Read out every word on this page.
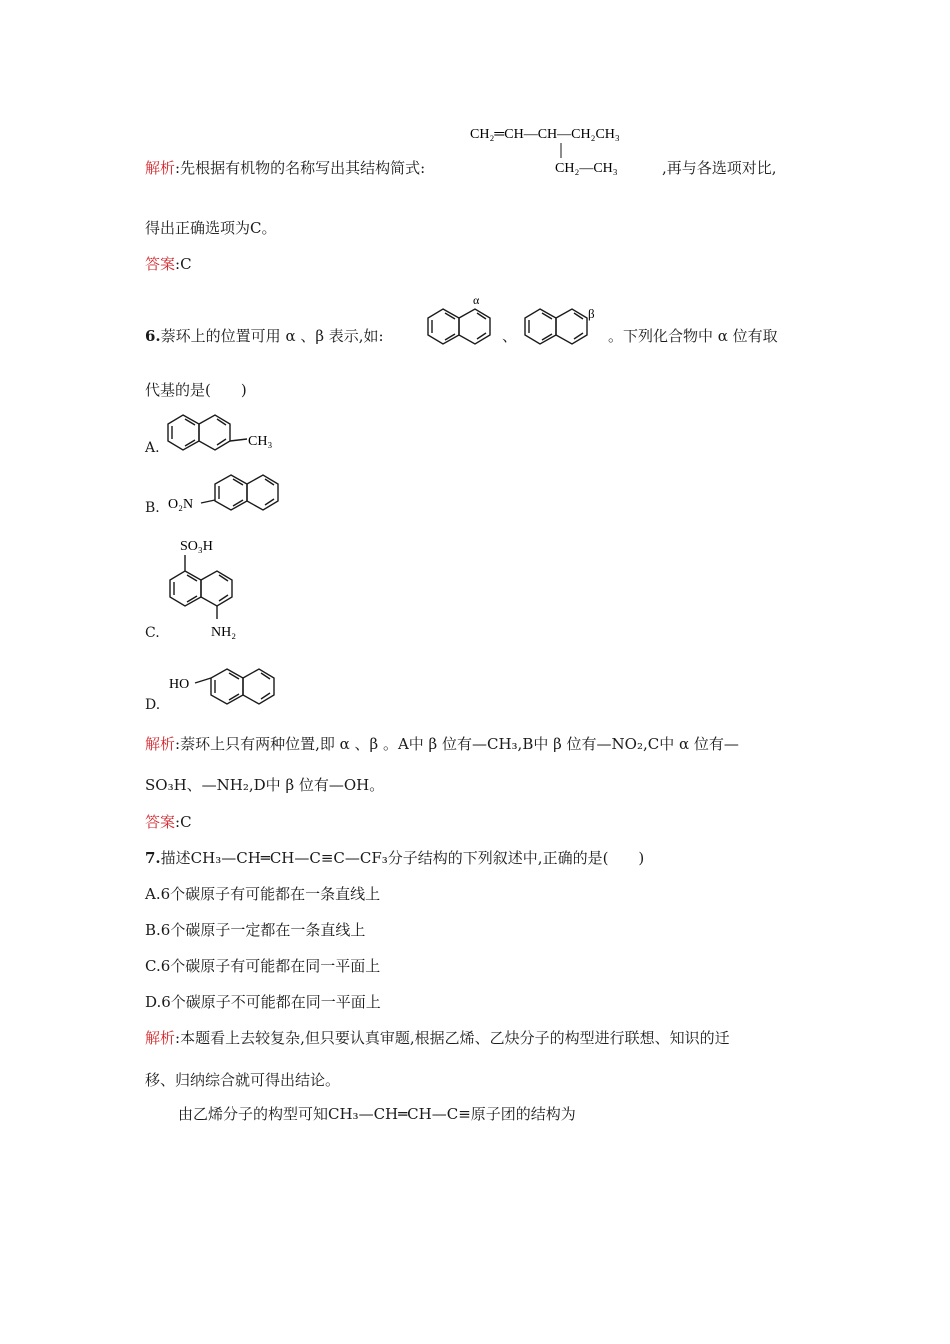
解析:先根据有机物的名称写出其结构简式:
CH₂═CH—CH—CH₂CH₃
CH₂—CH₃	,再与各选项对比,
得出正确选项为C。
答案:C
6.萘环上的位置可用 α 、β 表示,如:
α
、
β
。下列化合物中 α 位有取
代基的是(　　)
A.	CH₃
B. O₂N
SO₃H
NH₂
C.
D.
HO
解析:萘环上只有两种位置,即 α 、β 。A中 β 位有—CH₃,B中 β 位有—NO₂,C中 α 位有—
SO₃H、—NH₂,D中 β 位有—OH。
答案:C
7.描述CH₃—CH═CH—C≡C—CF₃分子结构的下列叙述中,正确的是(　　)
A.6个碳原子有可能都在一条直线上
B.6个碳原子一定都在一条直线上
C.6个碳原子有可能都在同一平面上
D.6个碳原子不可能都在同一平面上
解析:本题看上去较复杂,但只要认真审题,根据乙烯、乙炔分子的构型进行联想、知识的迁
移、归纳综合就可得出结论。
由乙烯分子的构型可知CH₃—CH═CH—C≡原子团的结构为
